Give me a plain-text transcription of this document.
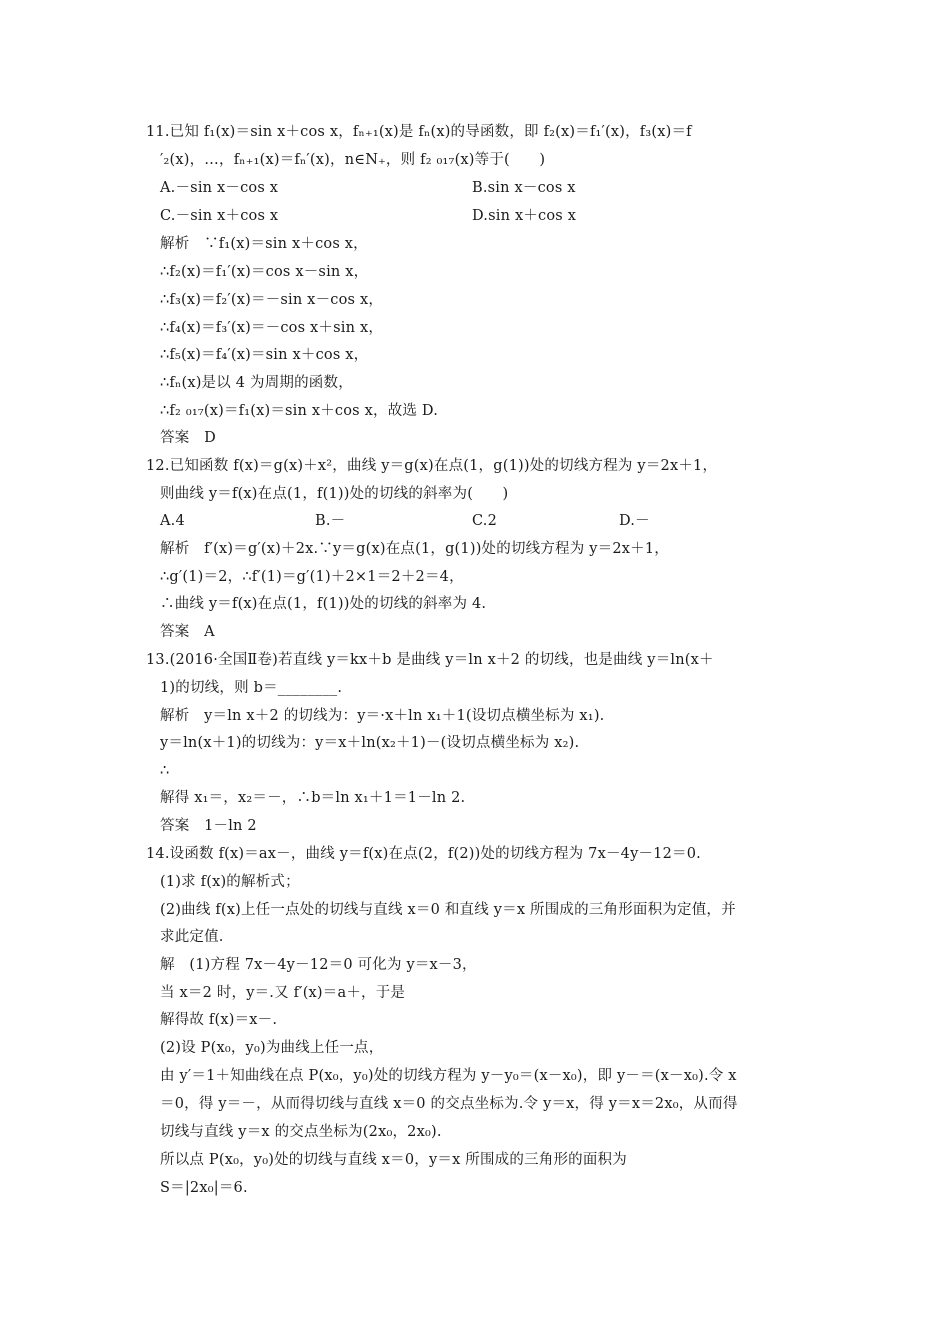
11.已知 f₁(x)＝sin x＋cos x，fₙ₊₁(x)是 fₙ(x)的导函数，即 f₂(x)＝f₁′(x)，f₃(x)＝f
′₂(x)，…，fₙ₊₁(x)＝fₙ′(x)，n∈N₊，则 f₂ ₀₁₇(x)等于(　　)
A.－sin x－cos x	B.sin x－cos x
C.－sin x＋cos x	D.sin x＋cos x
解析　∵f₁(x)＝sin x＋cos x，
∴f₂(x)＝f₁′(x)＝cos x－sin x，
∴f₃(x)＝f₂′(x)＝－sin x－cos x，
∴f₄(x)＝f₃′(x)＝－cos x＋sin x，
∴f₅(x)＝f₄′(x)＝sin x＋cos x，
∴fₙ(x)是以 4 为周期的函数，
∴f₂ ₀₁₇(x)＝f₁(x)＝sin x＋cos x，故选 D.
答案　D
12.已知函数 f(x)＝g(x)＋x²，曲线 y＝g(x)在点(1，g(1))处的切线方程为 y＝2x＋1，
则曲线 y＝f(x)在点(1，f(1))处的切线的斜率为(　　)
A.4	B.－	C.2	D.－
解析　f′(x)＝g′(x)＋2x.∵y＝g(x)在点(1，g(1))处的切线方程为 y＝2x＋1，
∴g′(1)＝2，∴f′(1)＝g′(1)＋2×1＝2＋2＝4，
∴曲线 y＝f(x)在点(1，f(1))处的切线的斜率为 4.
答案　A
13.(2016·全国Ⅱ卷)若直线 y＝kx＋b 是曲线 y＝ln x＋2 的切线，也是曲线 y＝ln(x＋
1)的切线，则 b＝________.
解析　y＝ln x＋2 的切线为：y＝·x＋ln x₁＋1(设切点横坐标为 x₁).
y＝ln(x＋1)的切线为：y＝x＋ln(x₂＋1)－(设切点横坐标为 x₂).
∴
解得 x₁＝，x₂＝－，∴b＝ln x₁＋1＝1－ln 2.
答案　1－ln 2
14.设函数 f(x)＝ax－，曲线 y＝f(x)在点(2，f(2))处的切线方程为 7x－4y－12＝0.
(1)求 f(x)的解析式；
(2)曲线 f(x)上任一点处的切线与直线 x＝0 和直线 y＝x 所围成的三角形面积为定值，并
求此定值.
解　(1)方程 7x－4y－12＝0 可化为 y＝x－3，
当 x＝2 时，y＝.又 f′(x)＝a＋，于是
解得故 f(x)＝x－.
(2)设 P(x₀，y₀)为曲线上任一点，
由 y′＝1＋知曲线在点 P(x₀，y₀)处的切线方程为 y－y₀＝(x－x₀)，即 y－＝(x－x₀).令 x
＝0，得 y＝－，从而得切线与直线 x＝0 的交点坐标为.令 y＝x，得 y＝x＝2x₀，从而得
切线与直线 y＝x 的交点坐标为(2x₀，2x₀).
所以点 P(x₀，y₀)处的切线与直线 x＝0，y＝x 所围成的三角形的面积为
S＝|2x₀|＝6.
